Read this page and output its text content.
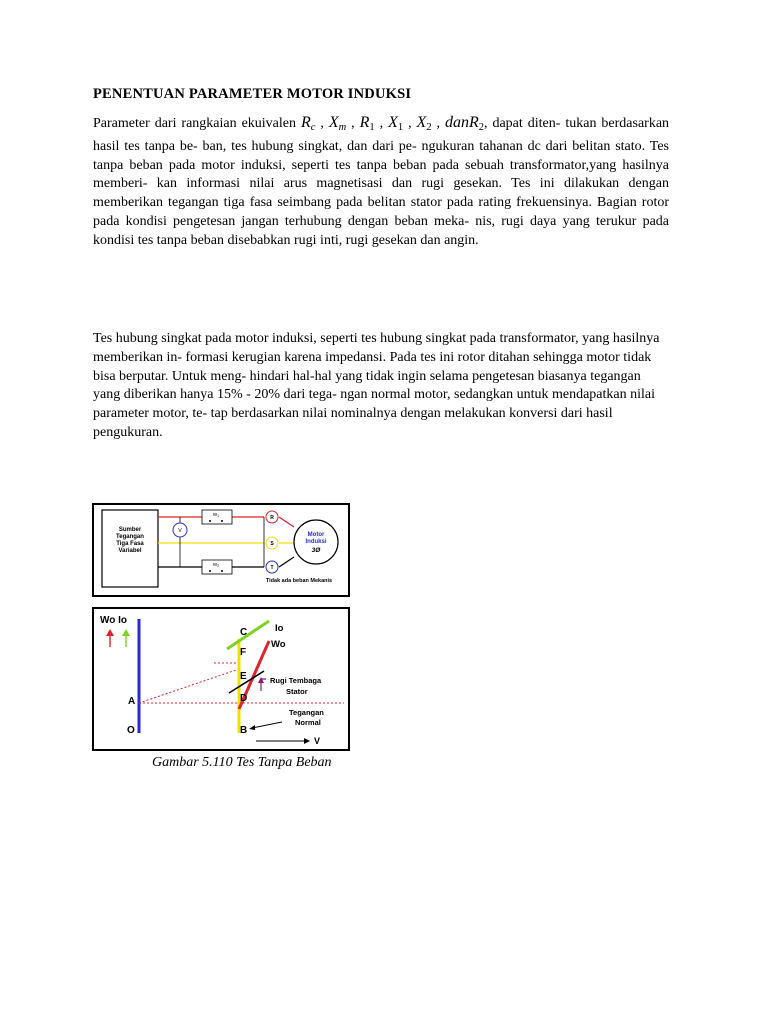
PENENTUAN PARAMETER MOTOR INDUKSI
Parameter dari rangkaian ekuivalen $R_c$ , $X_m$ , R1 , X1 , X2 , danR2, dapat diten- tukan berdasarkan hasil tes tanpa be- ban, tes hubung singkat, dan dari pe- ngukuran tahanan dc dari belitan stato. Tes tanpa beban pada motor induksi, seperti tes tanpa beban pada sebuah transformator,yang hasilnya memberi- kan informasi nilai arus magnetisasi dan rugi gesekan. Tes ini dilakukan dengan memberikan tegangan tiga fasa seimbang pada belitan stator pada rating frekuensinya. Bagian rotor pada kondisi pengetesan jangan terhubung dengan beban meka- nis, rugi daya yang terukur pada kondisi tes tanpa beban disebabkan rugi inti, rugi gesekan dan angin.
Tes hubung singkat pada motor induksi, seperti tes hubung singkat pada transformator, yang hasilnya memberikan in- formasi kerugian karena impedansi. Pada tes ini rotor ditahan sehingga motor tidak bisa berputar. Untuk meng- hindari hal-hal yang tidak ingin selama pengetesan biasanya tegangan yang diberikan hanya 15% - 20% dari tega- ngan normal motor, sedangkan untuk mendapatkan nilai parameter motor, te- tap berdasarkan nilai nominalnya dengan melakukan konversi dari hasil pengukuran.
Sumber
Tegangan
Tiga Fasa
Variabel
V
$W_1$
$W_2$
R
S
T
Motor
Induksi
3Ø
Tidak ada beban Mekanis
Wo Io
C
F
E
D
B
A
O
Io
Wo
Rugi Tembaga
Stator
Tegangan
Normal
V
Gambar 5.110 Tes Tanpa Beban
